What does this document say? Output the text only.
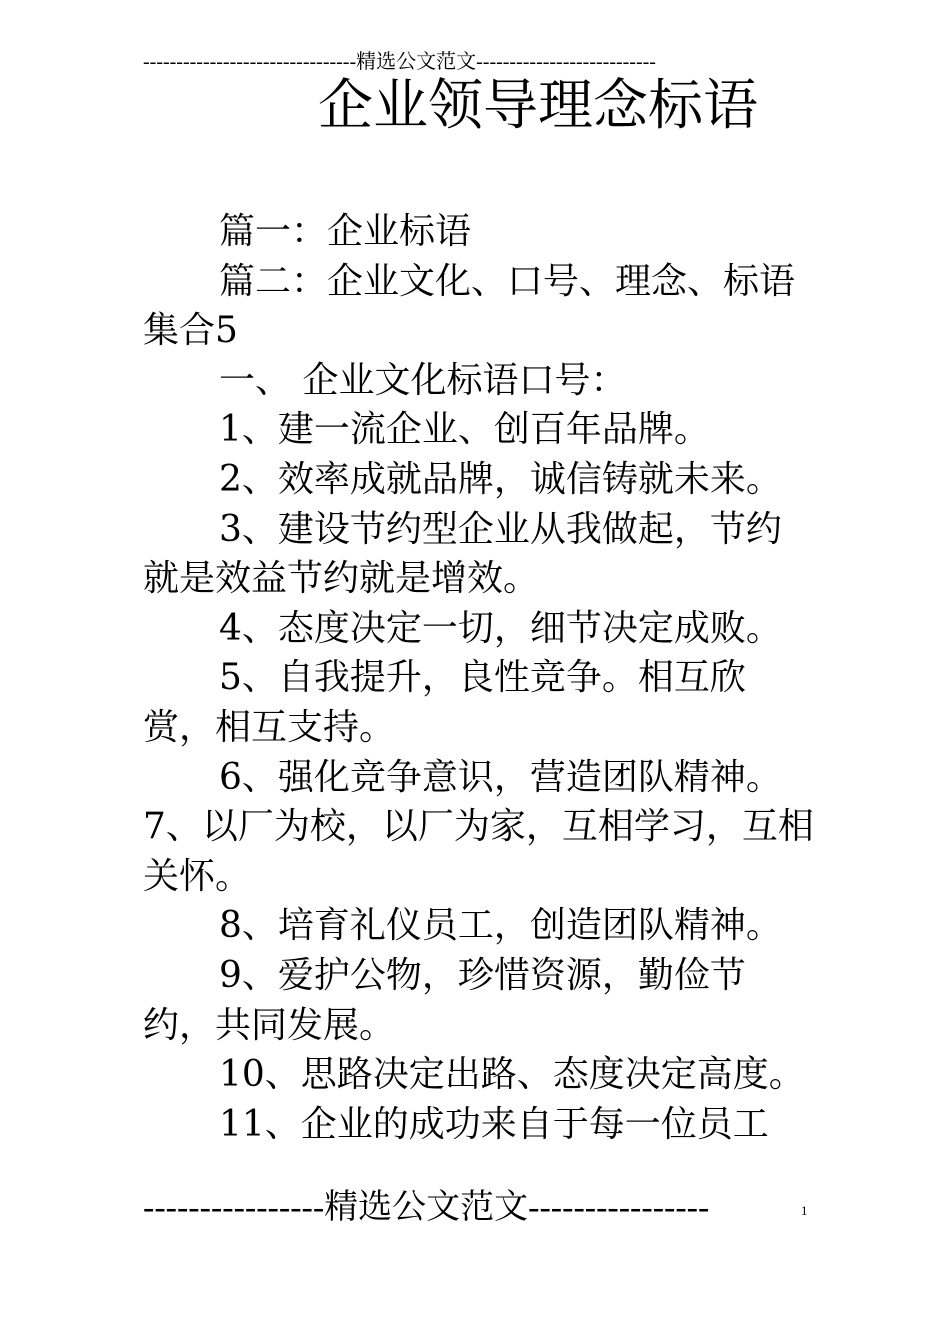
--------------------------------精选公文范文---------------------------
企业领导理念标语

篇一：企业标语

篇二：企业文化、口号、理念、标语集合5

一、 企业文化标语口号：

1、建一流企业、创百年品牌。

2、效率成就品牌，诚信铸就未来。

3、建设节约型企业从我做起，节约就是效益节约就是增效。

4、态度决定一切，细节决定成败。

5、自我提升，良性竞争。相互欣赏，相互支持。

6、强化竞争意识，营造团队精神。

7、以厂为校，以厂为家，互相学习，互相关怀。

8、培育礼仪员工，创造团队精神。

9、爱护公物，珍惜资源，勤俭节约，共同发展。

10、思路决定出路、态度决定高度。

11、企业的成功来自于每一位员工

----------------精选公文范文----------------	1
